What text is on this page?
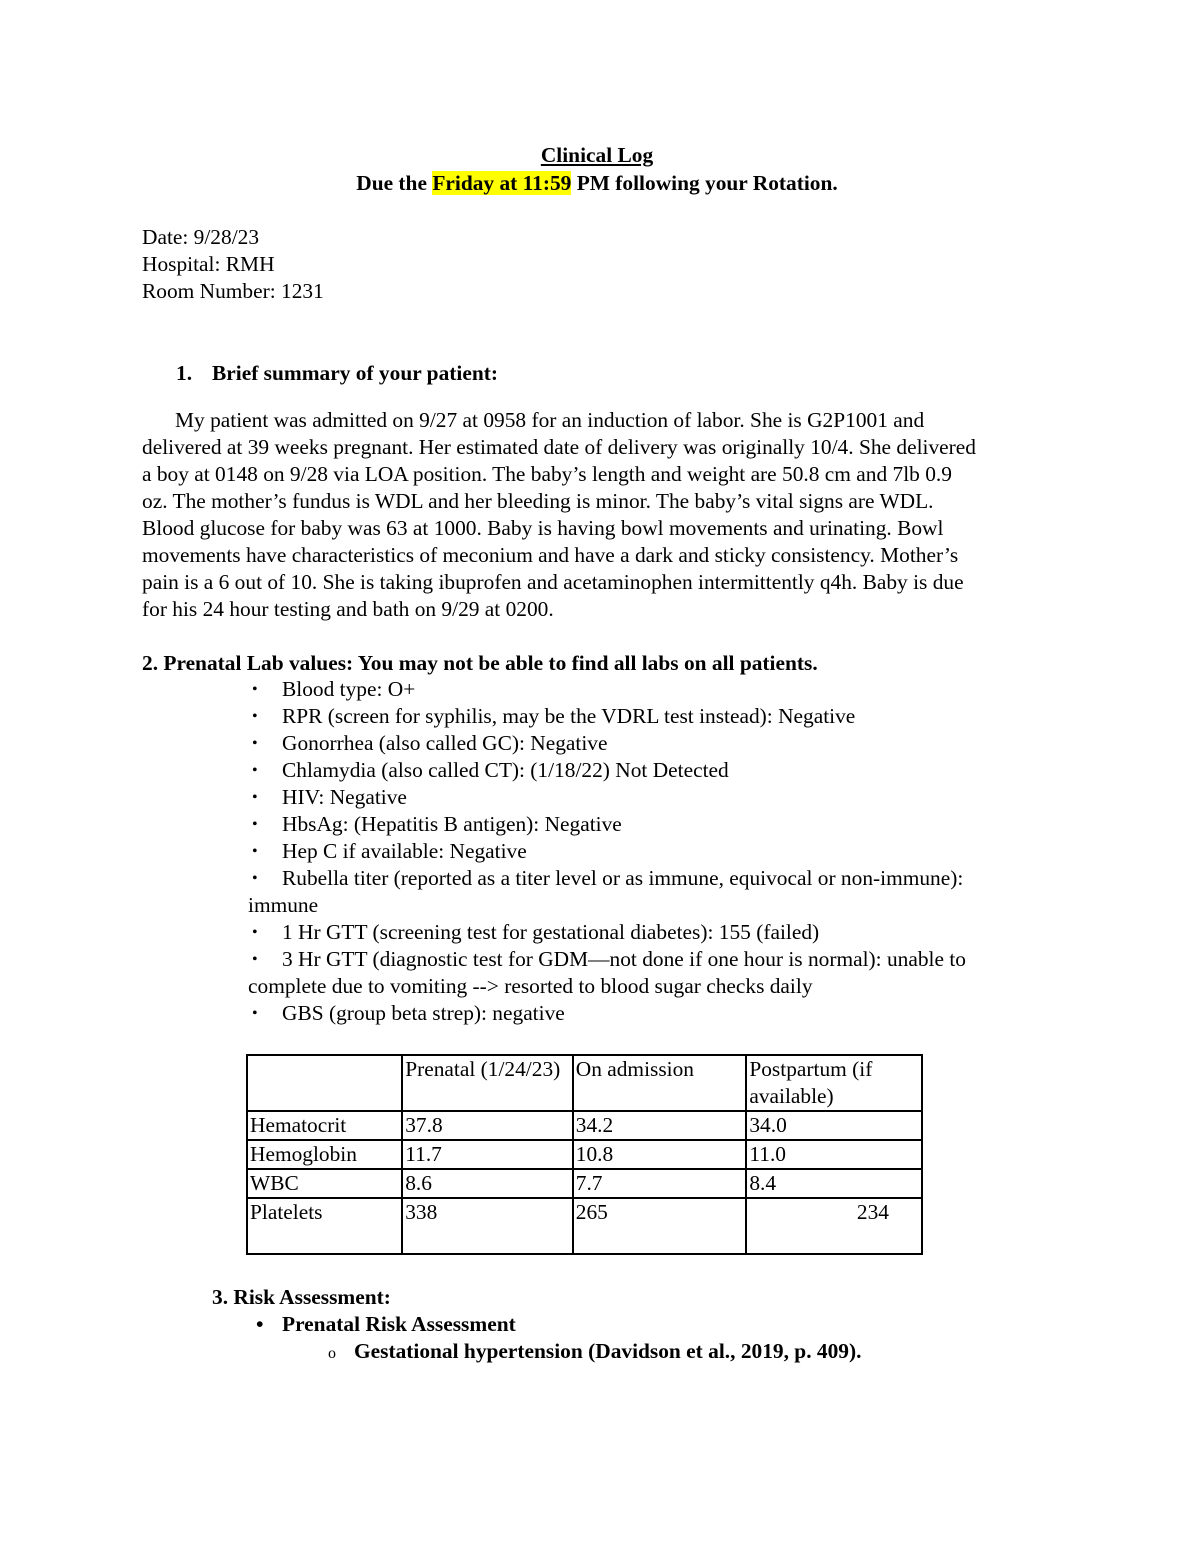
Clinical Log
Due the Friday at 11:59 PM following your Rotation.
Date: 9/28/23
Hospital: RMH
Room Number: 1231
1. Brief summary of your patient:
My patient was admitted on 9/27 at 0958 for an induction of labor. She is G2P1001 and
delivered at 39 weeks pregnant. Her estimated date of delivery was originally 10/4. She delivered
a boy at 0148 on 9/28 via LOA position. The baby’s length and weight are 50.8 cm and 7lb 0.9
oz. The mother’s fundus is WDL and her bleeding is minor. The baby’s vital signs are WDL.
Blood glucose for baby was 63 at 1000. Baby is having bowl movements and urinating. Bowl
movements have characteristics of meconium and have a dark and sticky consistency. Mother’s
pain is a 6 out of 10. She is taking ibuprofen and acetaminophen intermittently q4h. Baby is due
for his 24 hour testing and bath on 9/29 at 0200.
2. Prenatal Lab values: You may not be able to find all labs on all patients.
• Blood type: O+
• RPR (screen for syphilis, may be the VDRL test instead): Negative
• Gonorrhea (also called GC): Negative
• Chlamydia (also called CT): (1/18/22) Not Detected
• HIV: Negative
• HbsAg: (Hepatitis B antigen): Negative
• Hep C if available: Negative
• Rubella titer (reported as a titer level or as immune, equivocal or non-immune):
immune
• 1 Hr GTT (screening test for gestational diabetes): 155 (failed)
• 3 Hr GTT (diagnostic test for GDM—not done if one hour is normal): unable to
complete due to vomiting --> resorted to blood sugar checks daily
• GBS (group beta strep): negative
	Prenatal (1/24/23)	On admission	Postpartum (if available)
Hematocrit	37.8	34.2	34.0
Hemoglobin	11.7	10.8	11.0
WBC	8.6	7.7	8.4
Platelets	338	265	234
3. Risk Assessment:
• Prenatal Risk Assessment
o Gestational hypertension (Davidson et al., 2019, p. 409).
